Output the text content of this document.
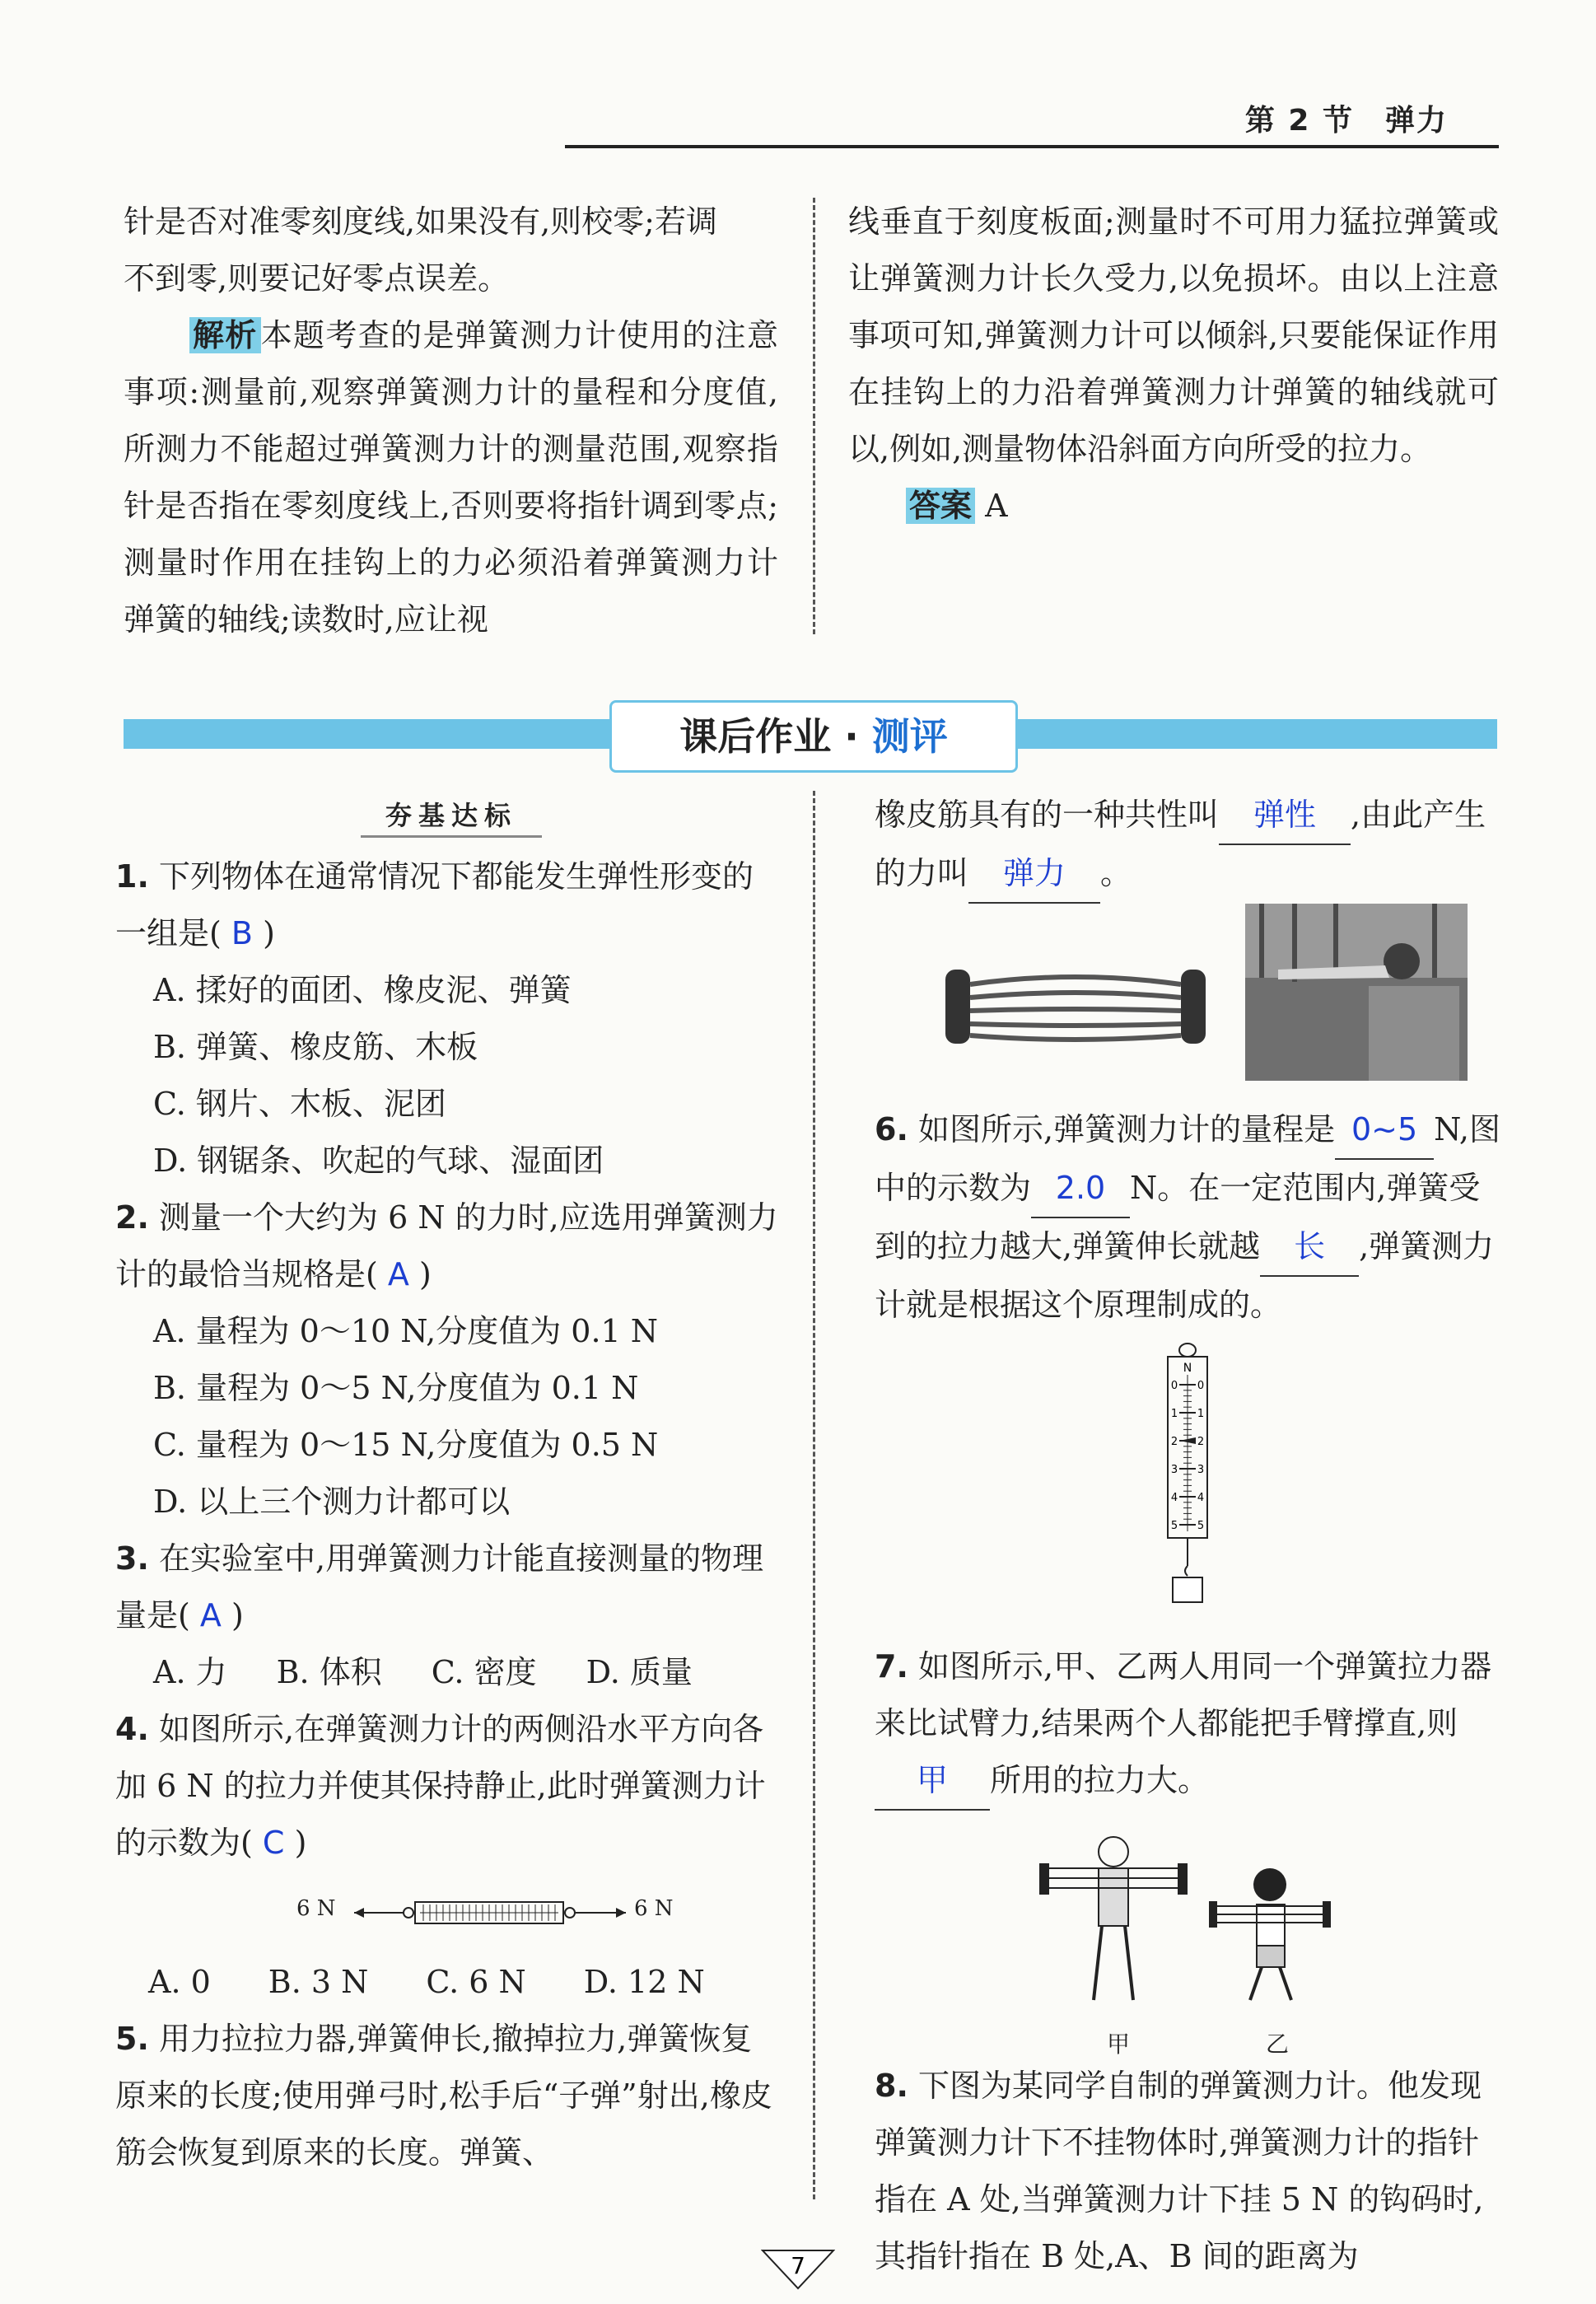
第 2 节　弹力

针是否对准零刻度线,如果没有,则校零;若调

不到零,则要记好零点误差。

解析 本题考查的是弹簧测力计使用的注意事项:测量前,观察弹簧测力计的量程和分度值,所测力不能超过弹簧测力计的测量范围,观察指针是否指在零刻度线上,否则要将指针调到零点;测量时作用在挂钩上的力必须沿着弹簧测力计弹簧的轴线;读数时,应让视

线垂直于刻度板面;测量时不可用力猛拉弹簧或让弹簧测力计长久受力,以免损坏。由以上注意事项可知,弹簧测力计可以倾斜,只要能保证作用在挂钩上的力沿着弹簧测力计弹簧的轴线就可以,例如,测量物体沿斜面方向所受的拉力。

答案 A

课后作业 · 测评
夯基达标
1. 下列物体在通常情况下都能发生弹性形变的一组是( B )
A. 揉好的面团、橡皮泥、弹簧
B. 弹簧、橡皮筋、木板
C. 钢片、木板、泥团
D. 钢锯条、吹起的气球、湿面团
2. 测量一个大约为 6 N 的力时,应选用弹簧测力计的最恰当规格是( A )
A. 量程为 0～10 N,分度值为 0.1 N
B. 量程为 0～5 N,分度值为 0.1 N
C. 量程为 0～15 N,分度值为 0.5 N
D. 以上三个测力计都可以
3. 在实验室中,用弹簧测力计能直接测量的物理量是( A )
A. 力 B. 体积 C. 密度 D. 质量
4. 如图所示,在弹簧测力计的两侧沿水平方向各加 6 N 的拉力并使其保持静止,此时弹簧测力计的示数为( C )
6 N	6 N
A. 0 B. 3 N C. 6 N D. 12 N
5. 用力拉拉力器,弹簧伸长,撤掉拉力,弹簧恢复原来的长度;使用弹弓时,松手后“子弹”射出,橡皮筋会恢复到原来的长度。弹簧、
橡皮筋具有的一种共性叫 弹性 ,由此产生的力叫 弹力 。
6. 如图所示,弹簧测力计的量程是 0~5 N,图中的示数为 2.0 N。在一定范围内,弹簧受到的拉力越大,弹簧伸长就越 长 ,弹簧测力计就是根据这个原理制成的。
N
0 0
1 1
2 2
3 3
4 4
5 5
7. 如图所示,甲、乙两人用同一个弹簧拉力器来比试臂力,结果两个人都能把手臂撑直,则甲 所用的拉力大。
甲	乙
8. 下图为某同学自制的弹簧测力计。他发现弹簧测力计下不挂物体时,弹簧测力计的指针指在 A 处,当弹簧测力计下挂 5 N 的钩码时,其指针指在 B 处,A、B 间的距离为
7
